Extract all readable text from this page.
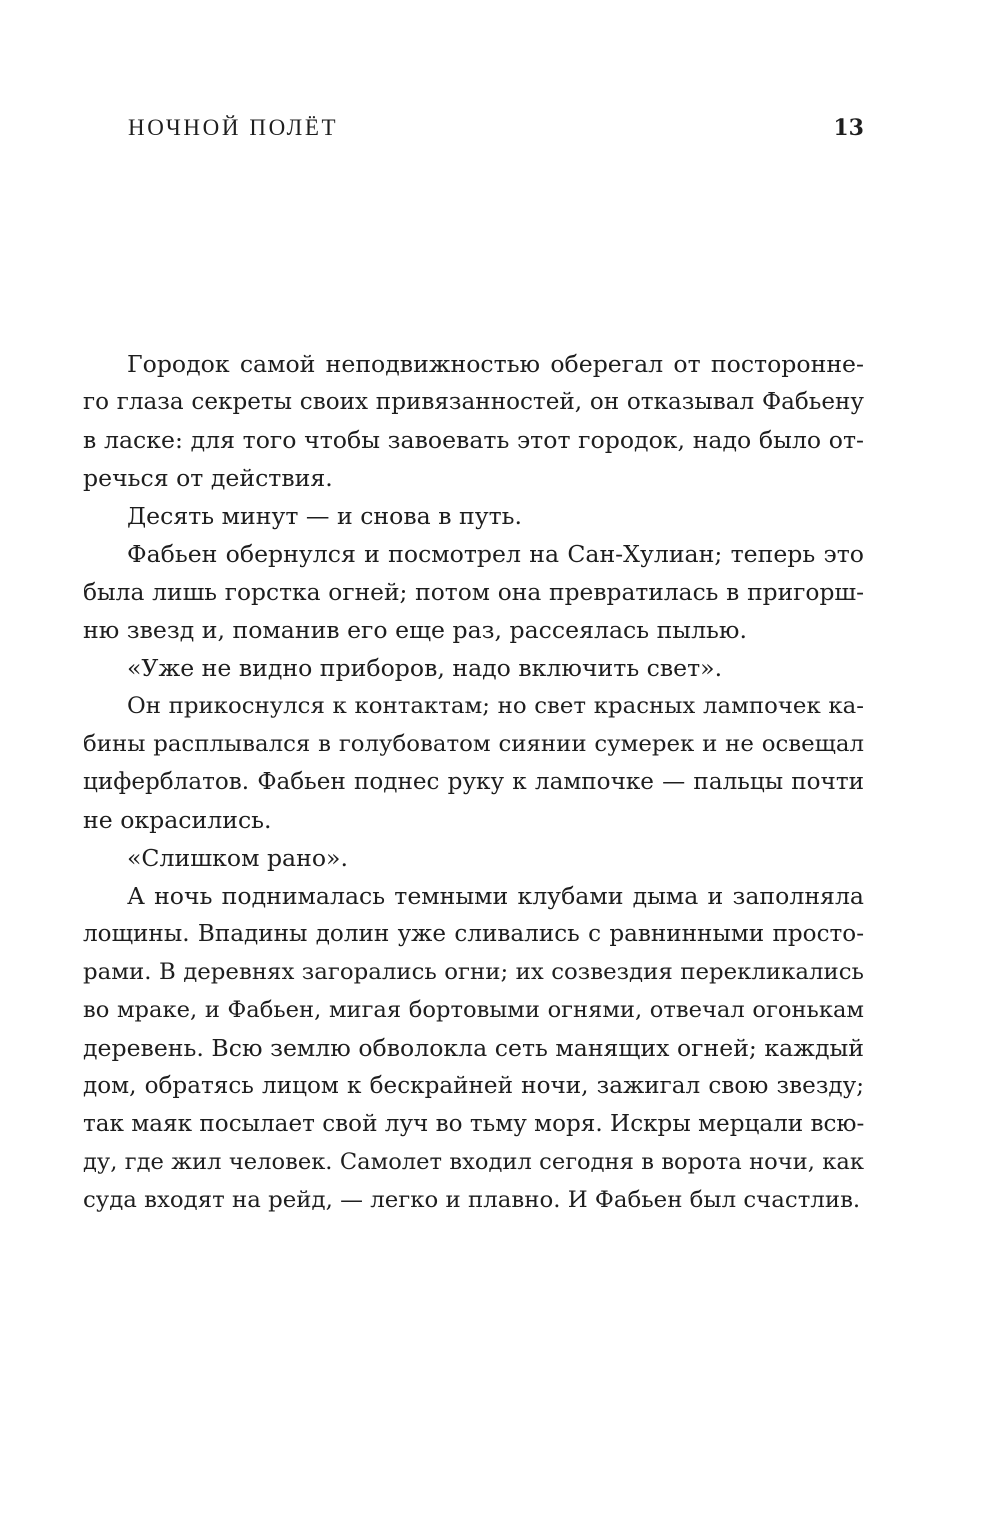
НОЧНОЙ ПОЛЁТ	13
Городок самой неподвижностью оберегал от посторонне-
го глаза секреты своих привязанностей, он отказывал Фабьену
в ласке: для того чтобы завоевать этот городок, надо было от-
речься от действия.
Десять минут — и снова в путь.
Фабьен обернулся и посмотрел на Сан-Хулиан; теперь это
была лишь горстка огней; потом она превратилась в пригорш-
ню звезд и, поманив его еще раз, рассеялась пылью.
«Уже не видно приборов, надо включить свет».
Он прикоснулся к контактам; но свет красных лампочек ка-
бины расплывался в голубоватом сиянии сумерек и не освещал
циферблатов. Фабьен поднес руку к лампочке — пальцы почти
не окрасились.
«Слишком рано».
А ночь поднималась темными клубами дыма и заполняла
лощины. Впадины долин уже сливались с равнинными просто-
рами. В деревнях загорались огни; их созвездия перекликались
во мраке, и Фабьен, мигая бортовыми огнями, отвечал огонькам
деревень. Всю землю обволокла сеть манящих огней; каждый
дом, обратясь лицом к бескрайней ночи, зажигал свою звезду;
так маяк посылает свой луч во тьму моря. Искры мерцали всю-
ду, где жил человек. Самолет входил сегодня в ворота ночи, как
суда входят на рейд, — легко и плавно. И Фабьен был счастлив.
